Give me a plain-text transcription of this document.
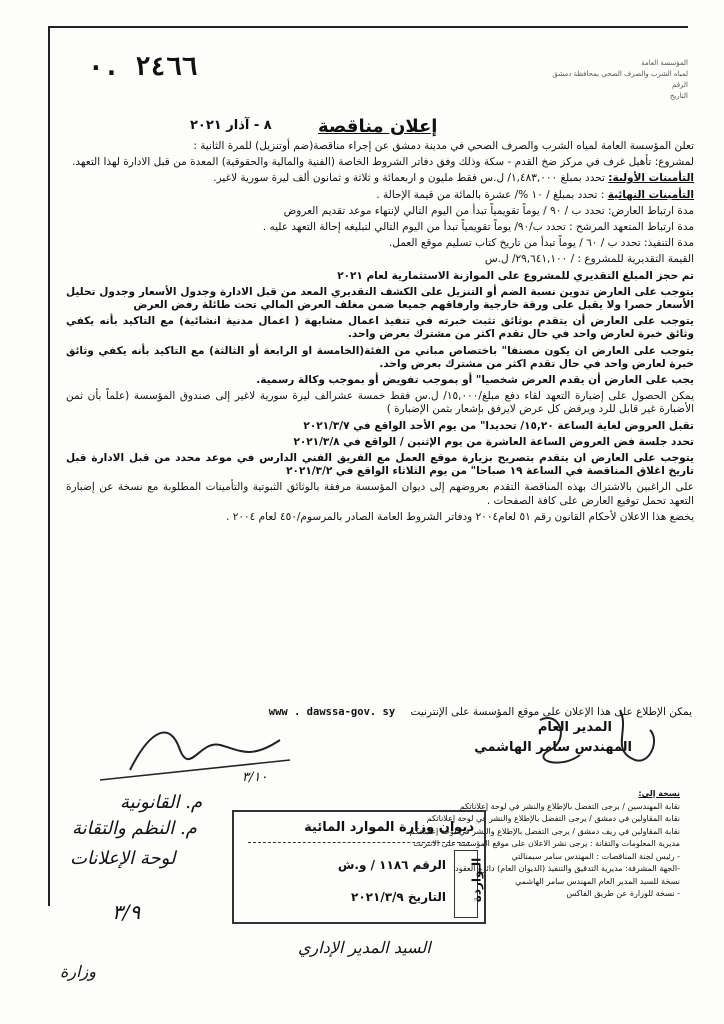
٢٤٦٦ .٠	المؤسسة العامة
لمياه الشرب والصرف الصحي بمحافظة دمشق
الرقم
التاريخ
٨ - آذار ٢٠٢١	إعلان مناقصة

تعلن المؤسسة العامة لمياه الشرب والصرف الصحي في مدينة دمشق عن إجراء مناقصة(ضم أوتنزيل) للمرة الثانية :

لمشروع: تأهيل غرف في مركز ضخ القدم - سكة وذلك وفق دفاتر الشروط الخاصة (الفنية والمالية والحقوقية) المعدة من قبل الادارة لهذا التعهد.

التأمينات الأولية: تحدد بمبلغ ١,٤٨٣,٠٠٠/ ل.س فقط مليون و اربعمائة و ثلاثة و ثمانون ألف ليرة سورية لاغير.

التأمينات النهائية : تحدد بمبلغ / ١٠ %/ عشرة بالمائة من قيمة الإحالة .

مدة ارتباط العارض: تحدد ب / ٩٠ / يوماً تقويمياً تبدأ من اليوم التالي لإنتهاء موعد تقديم العروض

مدة ارتباط المتعهد المرشح : تحدد ب/٩٠/ يوماً تقويمياً تبدأ من اليوم التالي لتبليغه إحالة التعهد عليه .

مدة التنفيذ: تحدد ب / ٦٠ / يوماً تبدأ من تاريخ كتاب تسليم موقع العمل.

القيمة التقديرية للمشروع : / ٢٩,٦٤١,١٠٠/ ل.س

تم حجز المبلغ التقديري للمشروع على الموازنة الاستثمارية لعام ٢٠٢١

يتوجب على العارض تدوين نسبة الضم أو التنزيل على الكشف التقديري المعد من قبل الادارة وجدول الأسعار وجدول تحليل الأسعار حصرا ولا يقبل على ورقة خارجية وارفاقهم جميعا ضمن مغلف العرض المالي تحت طائلة رفض العرض

يتوجب على العارض أن يتقدم بوثائق تثبت خبرته في تنفيذ اعمال مشابهة ( اعمال مدنية انشائية) مع التاكيد بأنه يكفي وثائق خبرة لعارض واحد في حال تقدم اكثر من مشترك بعرض واحد.

يتوجب على العارض ان يكون مصنفا" باختصاص مباني من الفئة(الخامسة او الرابعة أو الثالثة) مع التاكيد بأنه يكفي وثائق خبرة لعارض واحد في حال تقدم اكثر من مشترك بعرض واحد.

يجب على العارض أن يقدم العرض شخصيا" أو بموجب تفويض أو بموجب وكالة رسمية.

يمكن الحصول على إضبارة التعهد لقاء دفع مبلغ/١٥,٠٠٠/ ل.س فقط خمسة عشرالف ليرة سورية لاغير إلى صندوق المؤسسة (علماً بأن ثمن الأضبارة غير قابل للرد ويرفض كل عرض لايرفق بإشعار بثمن الإضبارة )

تقبل العروض لغاية الساعة ١٥,٢٠/ تحديدا" من يوم الأحد الواقع في ٢٠٢١/٣/٧

تحدد جلسة فض العروض الساعة العاشرة من يوم الإثنين / الواقع في ٢٠٢١/٣/٨

يتوجب على العارض ان يتقدم بتصريح بزيارة موقع العمل مع الفريق الفني الدارس في موعد محدد من قبل الادارة قبل تاريخ اغلاق المناقصة في الساعة ١٩ صباحا" من يوم الثلاثاء الواقع في ٢٠٢١/٣/٢

على الراغبين بالاشتراك بهذه المناقصة التقدم بعروضهم إلى ديوان المؤسسة مرفقة بالوثائق الثبوتية والتأمينات المطلوبة مع نسخة عن إضبارة التعهد تحمل توقيع العارض على كافة الصفحات .

يخضع هذا الاعلان لأحكام القانون رقم ٥١ لعام٢٠٠٤ ودفاتر الشروط العامة الصادر بالمرسوم/٤٥٠ لعام ٢٠٠٤ .

يمكن الإطلاع على هذا الإعلان على موقع المؤسسة على الإنترنيت www . dawssa-gov. sy
المدير العام
المهندس سامر الهاشمي
نسخة إلى:
نقابة المهندسين / يرجى التفضل بالإطلاع والنشر في لوحة إعلاناتكم
نقابة المقاولين في دمشق / يرجى التفضل بالإطلاع والنشر في لوحة إعلاناتكم
نقابة المقاولين في ريف دمشق / يرجى التفضل بالإطلاع والنشر في لوحة إعلاناتكم
مديرية المعلومات والتقانة : يرجى نشر الاعلان على موقع المؤسسة على الانترنت
- رئيس لجنة المناقصات : المهندس سامر سيمنالتي
-الجهة المشرفة: مديرية التدقيق والتنفيذ (الديوان العام) دائرة العقود
نسخة للسيد المدير العام المهندس سامر الهاشمي
- نسخة للوزارة عن طريق الفاكس
ديوان وزارة الموارد المائية
الـواردة
الرقم ١١٨٦ / و.ش
التاريخ ٢٠٢١/٣/٩
٣/١٠
م. القانونية
م. النظم والتقانة
لوحة الإعلانات
٣/٩
السيد المدير الإداري
وزارة
